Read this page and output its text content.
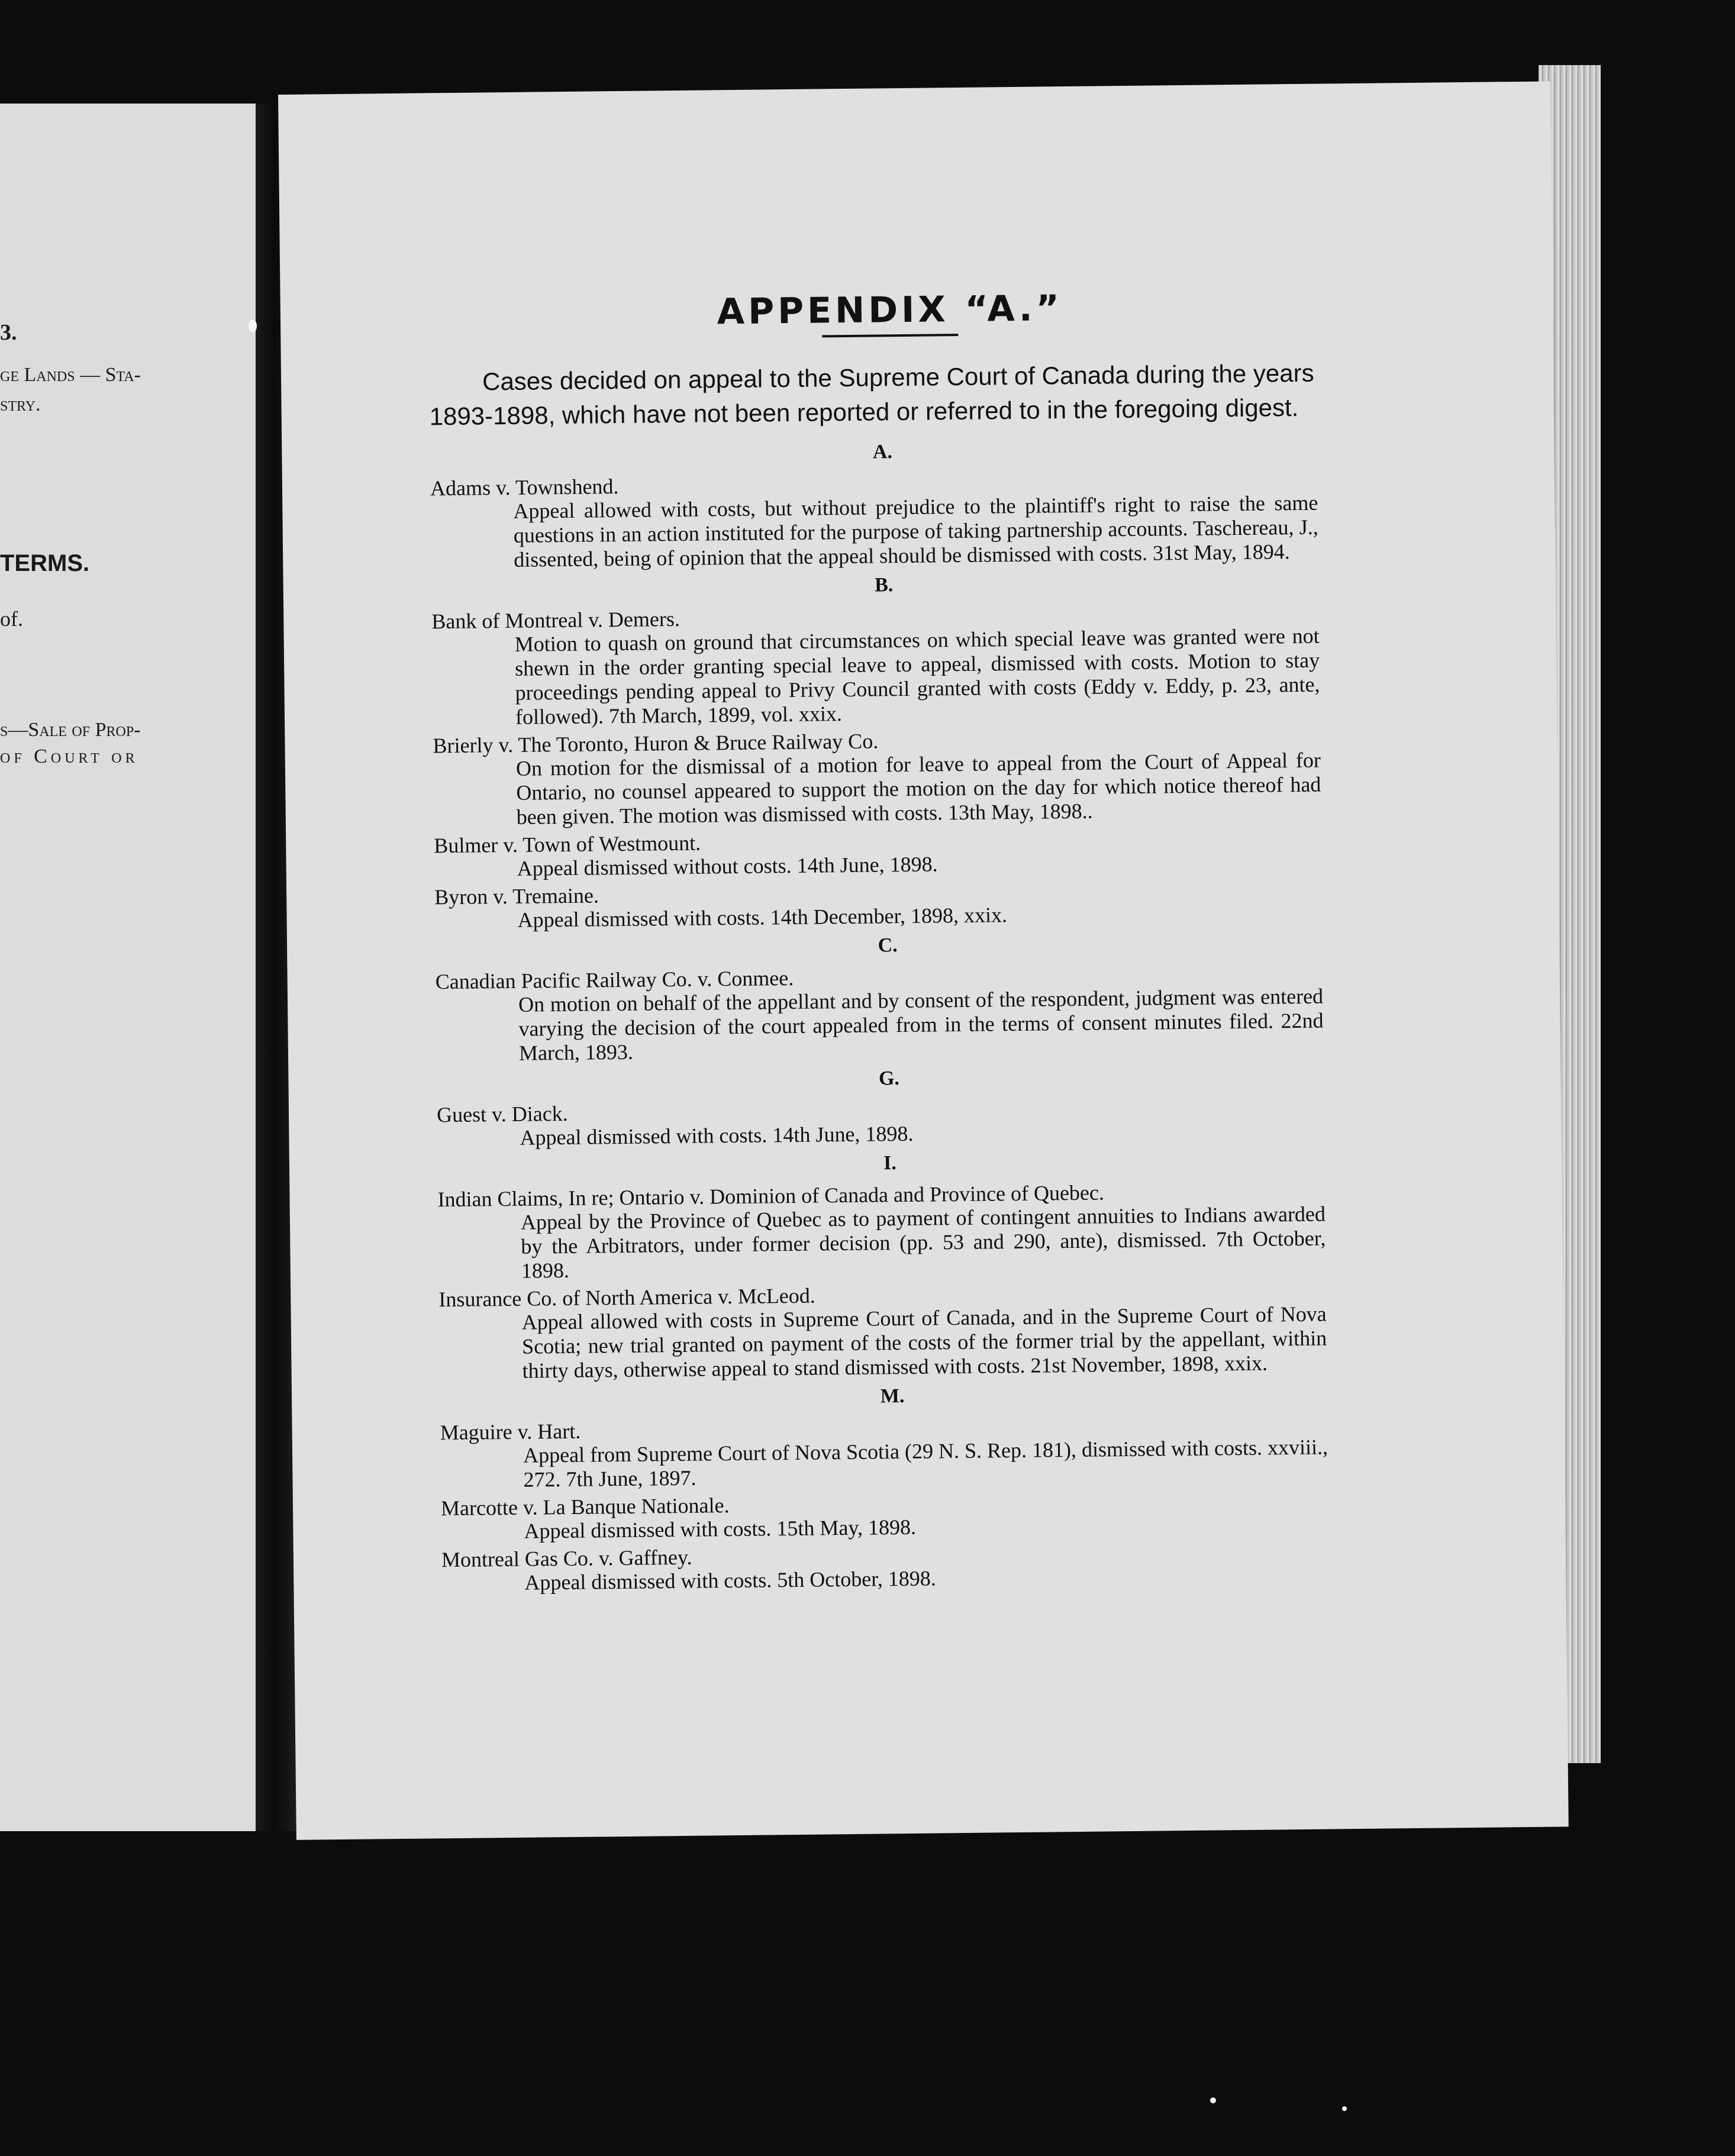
3.
ge Lands — Sta-
stry.
TERMS.
of.
s—Sale of Prop-
of Court or
APPENDIX “A.”

Cases decided on appeal to the Supreme Court of Canada during the years 1893-1898, which have not been reported or referred to in the foregoing digest.

A.
Adams v. Townshend.
Appeal allowed with costs, but without prejudice to the plaintiff's right to raise the same questions in an action instituted for the purpose of taking partnership accounts. Taschereau, J., dissented, being of opinion that the appeal should be dismissed with costs. 31st May, 1894.
B.
Bank of Montreal v. Demers.
Motion to quash on ground that circumstances on which special leave was granted were not shewn in the order granting special leave to appeal, dismissed with costs. Motion to stay proceedings pending appeal to Privy Council granted with costs (Eddy v. Eddy, p. 23, ante, followed). 7th March, 1899, vol. xxix.
Brierly v. The Toronto, Huron & Bruce Railway Co.
On motion for the dismissal of a motion for leave to appeal from the Court of Appeal for Ontario, no counsel appeared to support the motion on the day for which notice thereof had been given. The motion was dismissed with costs. 13th May, 1898..
Bulmer v. Town of Westmount.
Appeal dismissed without costs. 14th June, 1898.
Byron v. Tremaine.
Appeal dismissed with costs. 14th December, 1898, xxix.
C.
Canadian Pacific Railway Co. v. Conmee.
On motion on behalf of the appellant and by consent of the respondent, judgment was entered varying the decision of the court appealed from in the terms of consent minutes filed. 22nd March, 1893.
G.
Guest v. Diack.
Appeal dismissed with costs. 14th June, 1898.
I.
Indian Claims, In re; Ontario v. Dominion of Canada and Province of Quebec.
Appeal by the Province of Quebec as to payment of contingent annuities to Indians awarded by the Arbitrators, under former decision (pp. 53 and 290, ante), dismissed. 7th October, 1898.
Insurance Co. of North America v. McLeod.
Appeal allowed with costs in Supreme Court of Canada, and in the Supreme Court of Nova Scotia; new trial granted on payment of the costs of the former trial by the appellant, within thirty days, otherwise appeal to stand dismissed with costs. 21st November, 1898, xxix.
M.
Maguire v. Hart.
Appeal from Supreme Court of Nova Scotia (29 N. S. Rep. 181), dismissed with costs. xxviii., 272. 7th June, 1897.
Marcotte v. La Banque Nationale.
Appeal dismissed with costs. 15th May, 1898.
Montreal Gas Co. v. Gaffney.
Appeal dismissed with costs. 5th October, 1898.
